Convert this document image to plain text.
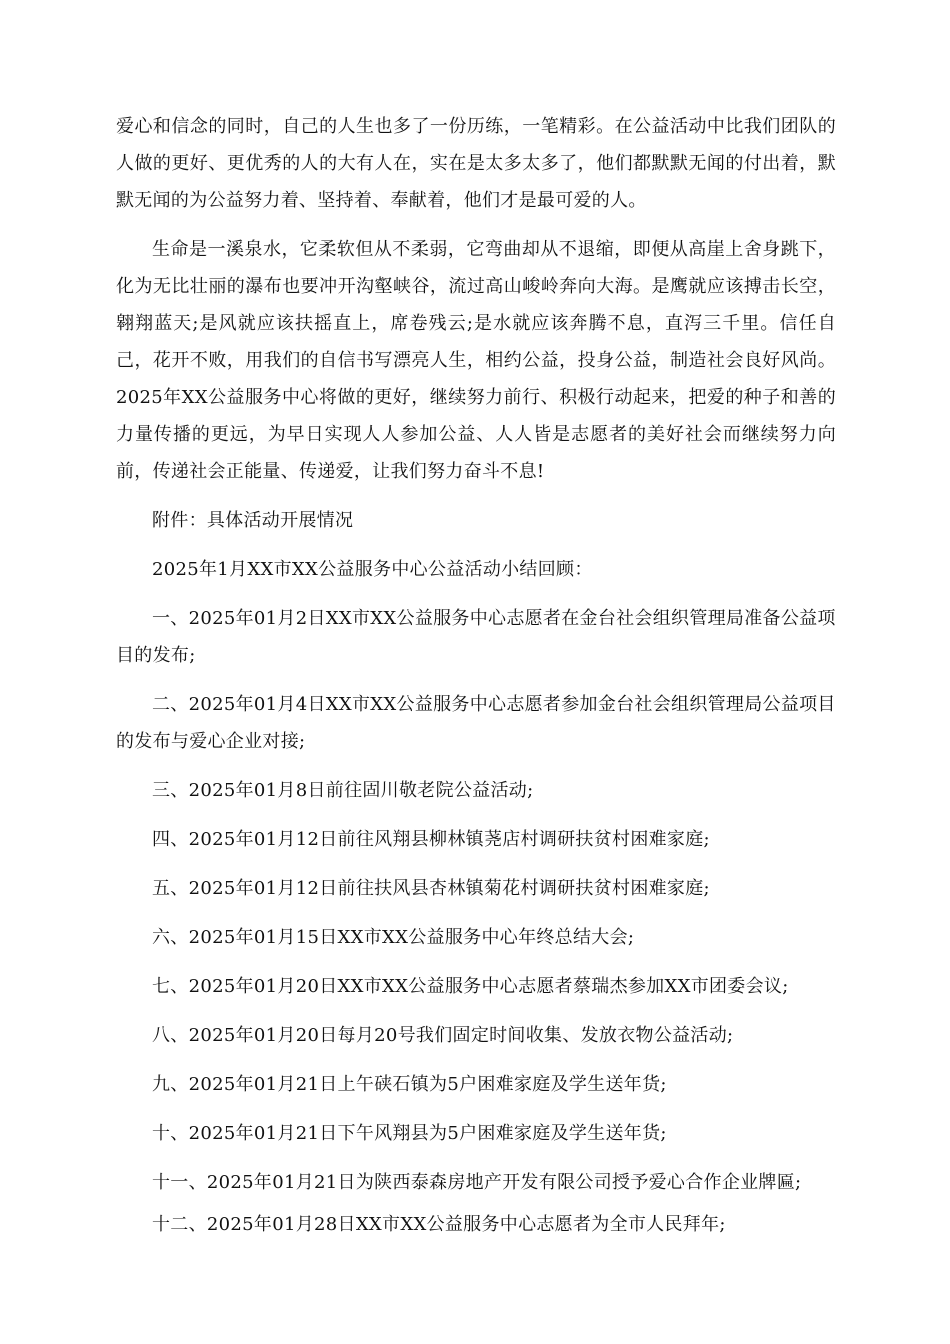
爱心和信念的同时，自己的人生也多了一份历练，一笔精彩。在公益活动中比我们团队的人做的更好、更优秀的人的大有人在，实在是太多太多了，他们都默默无闻的付出着，默默无闻的为公益努力着、坚持着、奉献着，他们才是最可爱的人。

生命是一溪泉水，它柔软但从不柔弱，它弯曲却从不退缩，即便从高崖上舍身跳下，化为无比壮丽的瀑布也要冲开沟壑峡谷，流过高山峻岭奔向大海。是鹰就应该搏击长空，翱翔蓝天;是风就应该扶摇直上，席卷残云;是水就应该奔腾不息，直泻三千里。信任自己，花开不败，用我们的自信书写漂亮人生，相约公益，投身公益，制造社会良好风尚。2025年XX公益服务中心将做的更好，继续努力前行、积极行动起来，把爱的种子和善的力量传播的更远，为早日实现人人参加公益、人人皆是志愿者的美好社会而继续努力向前，传递社会正能量、传递爱，让我们努力奋斗不息!

附件：具体活动开展情况

2025年1月XX市XX公益服务中心公益活动小结回顾：

一、2025年01月2日XX市XX公益服务中心志愿者在金台社会组织管理局准备公益项目的发布;

二、2025年01月4日XX市XX公益服务中心志愿者参加金台社会组织管理局公益项目的发布与爱心企业对接;

三、2025年01月8日前往固川敬老院公益活动;

四、2025年01月12日前往风翔县柳林镇荛店村调研扶贫村困难家庭;

五、2025年01月12日前往扶风县杏林镇菊花村调研扶贫村困难家庭;

六、2025年01月15日XX市XX公益服务中心年终总结大会;

七、2025年01月20日XX市XX公益服务中心志愿者蔡瑞杰参加XX市团委会议;

八、2025年01月20日每月20号我们固定时间收集、发放衣物公益活动;

九、2025年01月21日上午硖石镇为5户困难家庭及学生送年货;

十、2025年01月21日下午风翔县为5户困难家庭及学生送年货;

十一、2025年01月21日为陕西泰森房地产开发有限公司授予爱心合作企业牌匾;

十二、2025年01月28日XX市XX公益服务中心志愿者为全市人民拜年;
